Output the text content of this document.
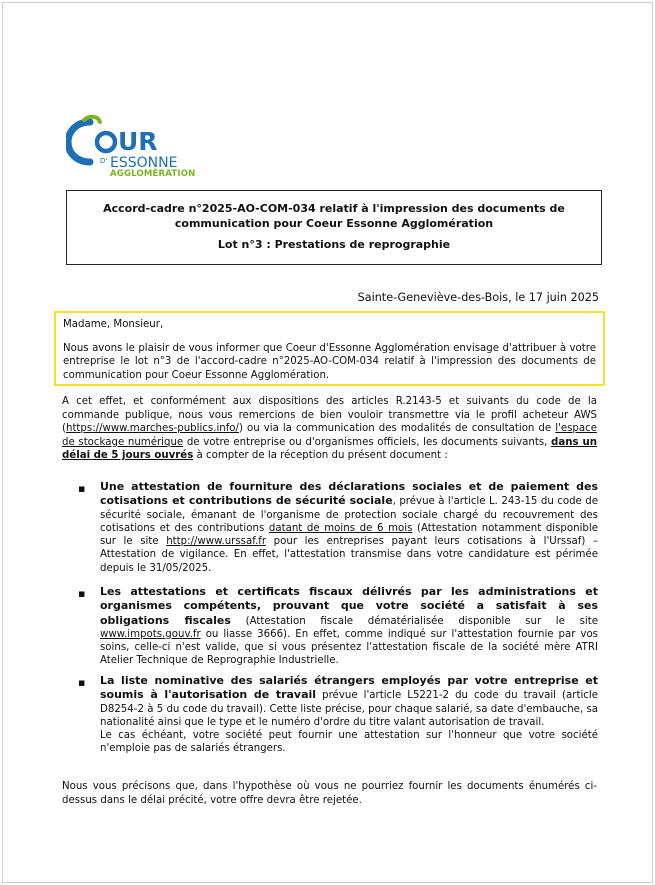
UR
D' ESSONNE
AGGLOMÉRATION
Accord-cadre n°2025-AO-COM-034 relatif à l'impression des documents de communication pour Coeur Essonne Agglomération
Lot n°3 : Prestations de reprographie
Sainte-Geneviève-des-Bois, le 17 juin 2025

Madame, Monsieur,

Nous avons le plaisir de vous informer que Coeur d'Essonne Agglomération envisage d'attribuer à votre entreprise le lot n°3 de l'accord-cadre n°2025-AO-COM-034 relatif à l'impression des documents de communication pour Coeur Essonne Agglomération.

A cet effet, et conformément aux dispositions des articles R.2143-5 et suivants du code de la commande publique, nous vous remercions de bien vouloir transmettre via le profil acheteur AWS (https://www.marches-publics.info/) ou via la communication des modalités de consultation de l'espace de stockage numérique de votre entreprise ou d'organismes officiels, les documents suivants, dans un délai de 5 jours ouvrés à compter de la réception du présent document :

▪ Une attestation de fourniture des déclarations sociales et de paiement des cotisations et contributions de sécurité sociale, prévue à l'article L. 243-15 du code de sécurité sociale, émanant de l'organisme de protection sociale chargé du recouvrement des cotisations et des contributions datant de moins de 6 mois (Attestation notamment disponible sur le site http://www.urssaf.fr pour les entreprises payant leurs cotisations à l'Urssaf) – Attestation de vigilance. En effet, l'attestation transmise dans votre candidature est périmée depuis le 31/05/2025.

▪ Les attestations et certificats fiscaux délivrés par les administrations et organismes compétents, prouvant que votre société a satisfait à ses obligations fiscales (Attestation fiscale dématérialisée disponible sur le site www.impots.gouv.fr ou liasse 3666). En effet, comme indiqué sur l'attestation fournie par vos soins, celle-ci n'est valide, que si vous présentez l'attestation fiscale de la société mère ATRI Atelier Technique de Reprographie Industrielle.

▪ La liste nominative des salariés étrangers employés par votre entreprise et soumis à l'autorisation de travail prévue l'article L5221-2 du code du travail (article D8254-2 à 5 du code du travail). Cette liste précise, pour chaque salarié, sa date d'embauche, sa nationalité ainsi que le type et le numéro d'ordre du titre valant autorisation de travail.
Le cas échéant, votre société peut fournir une attestation sur l'honneur que votre société n'emploie pas de salariés étrangers.

Nous vous précisons que, dans l'hypothèse où vous ne pourriez fournir les documents énumérés ci-dessus dans le délai précité, votre offre devra être rejetée.
